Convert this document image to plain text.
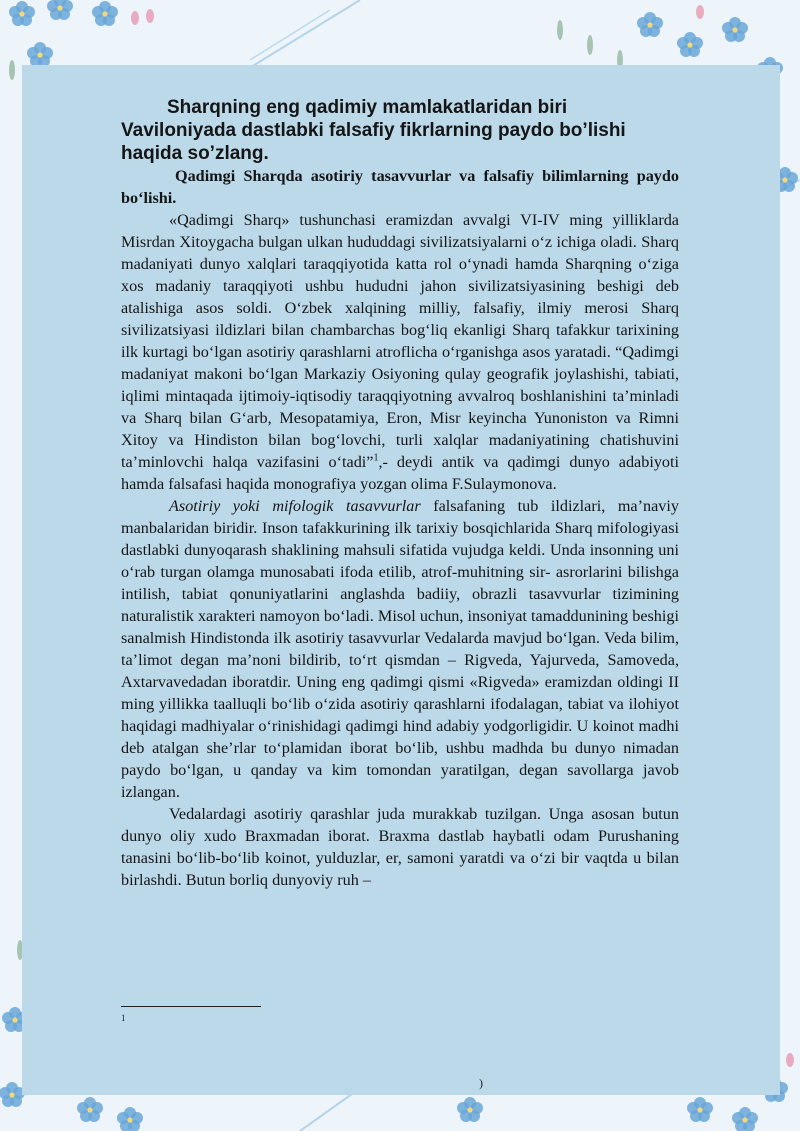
Sharqning eng qadimiy mamlakatlaridan biri Vaviloniyada dastlabki falsafiy fikrlarning paydo bo’lishi haqida so’zlang.

Qadimgi Sharqda asotiriy tasavvurlar va falsafiy bilimlarning paydo bo‘lishi.

«Qadimgi Sharq» tushunchasi eramizdan avvalgi VI-IV ming yilliklarda Misrdan Xitoygacha bulgan ulkan hududdagi sivilizatsiyalarni o‘z ichiga oladi. Sharq madaniyati dunyo xalqlari taraqqiyotida katta rol o‘ynadi hamda Sharqning o‘ziga xos madaniy taraqqiyoti ushbu hududni jahon sivilizatsiyasining beshigi deb atalishiga asos soldi. O‘zbek xalqining milliy, falsafiy, ilmiy merosi Sharq sivilizatsiyasi ildizlari bilan chambarchas bog‘liq ekanligi Sharq tafakkur tarixining ilk kurtagi bo‘lgan asotiriy qarashlarni atroflicha o‘rganishga asos yaratadi. “Qadimgi madaniyat makoni bo‘lgan Markaziy Osiyoning qulay geografik joylashishi, tabiati, iqlimi mintaqada ijtimoiy-iqtisodiy taraqqiyotning avvalroq boshlanishini ta’minladi va Sharq bilan G‘arb, Mesopatamiya, Eron, Misr keyincha Yunoniston va Rimni Xitoy va Hindiston bilan bog‘lovchi, turli xalqlar madaniyatining chatishuvini ta’minlovchi halqa vazifasini o‘tadi”$^1$,- deydi antik va qadimgi dunyo adabiyoti hamda falsafasi haqida monografiya yozgan olima F.Sulaymonova.

Asotiriy yoki mifologik tasavvurlar falsafaning tub ildizlari, ma’naviy manbalaridan biridir. Inson tafakkurining ilk tarixiy bosqichlarida Sharq mifologiyasi dastlabki dunyoqarash shaklining mahsuli sifatida vujudga keldi. Unda insonning uni o‘rab turgan olamga munosabati ifoda etilib, atrof-muhitning sir- asrorlarini bilishga intilish, tabiat qonuniyatlarini anglashda badiiy, obrazli tasavvurlar tizimining naturalistik xarakteri namoyon bo‘ladi. Misol uchun, insoniyat tamaddunining beshigi sanalmish Hindistonda ilk asotiriy tasavvurlar Vedalarda mavjud bo‘lgan. Veda bilim, ta’limot degan ma’noni bildirib, to‘rt qismdan – Rigveda, Yajurveda, Samoveda, Axtarvavedadan iboratdir. Uning eng qadimgi qismi «Rigveda» eramizdan oldingi II ming yillikka taalluqli bo‘lib o‘zida asotiriy qarashlarni ifodalagan, tabiat va ilohiyot haqidagi madhiyalar o‘rinishidagi qadimgi hind adabiy yodgorligidir. U koinot madhi deb atalgan she’rlar to‘plamidan iborat bo‘lib, ushbu madhda bu dunyo nimadan paydo bo‘lgan, u qanday va kim tomondan yaratilgan, degan savollarga javob izlangan.

Vedalardagi asotiriy qarashlar juda murakkab tuzilgan. Unga asosan butun dunyo oliy xudo Braxmadan iborat. Braxma dastlab haybatli odam Purushaning tanasini bo‘lib-bo‘lib koinot, yulduzlar, er, samoni yaratdi va o‘zi bir vaqtda u bilan birlashdi. Butun borliq dunyoviy ruh –

1
)
